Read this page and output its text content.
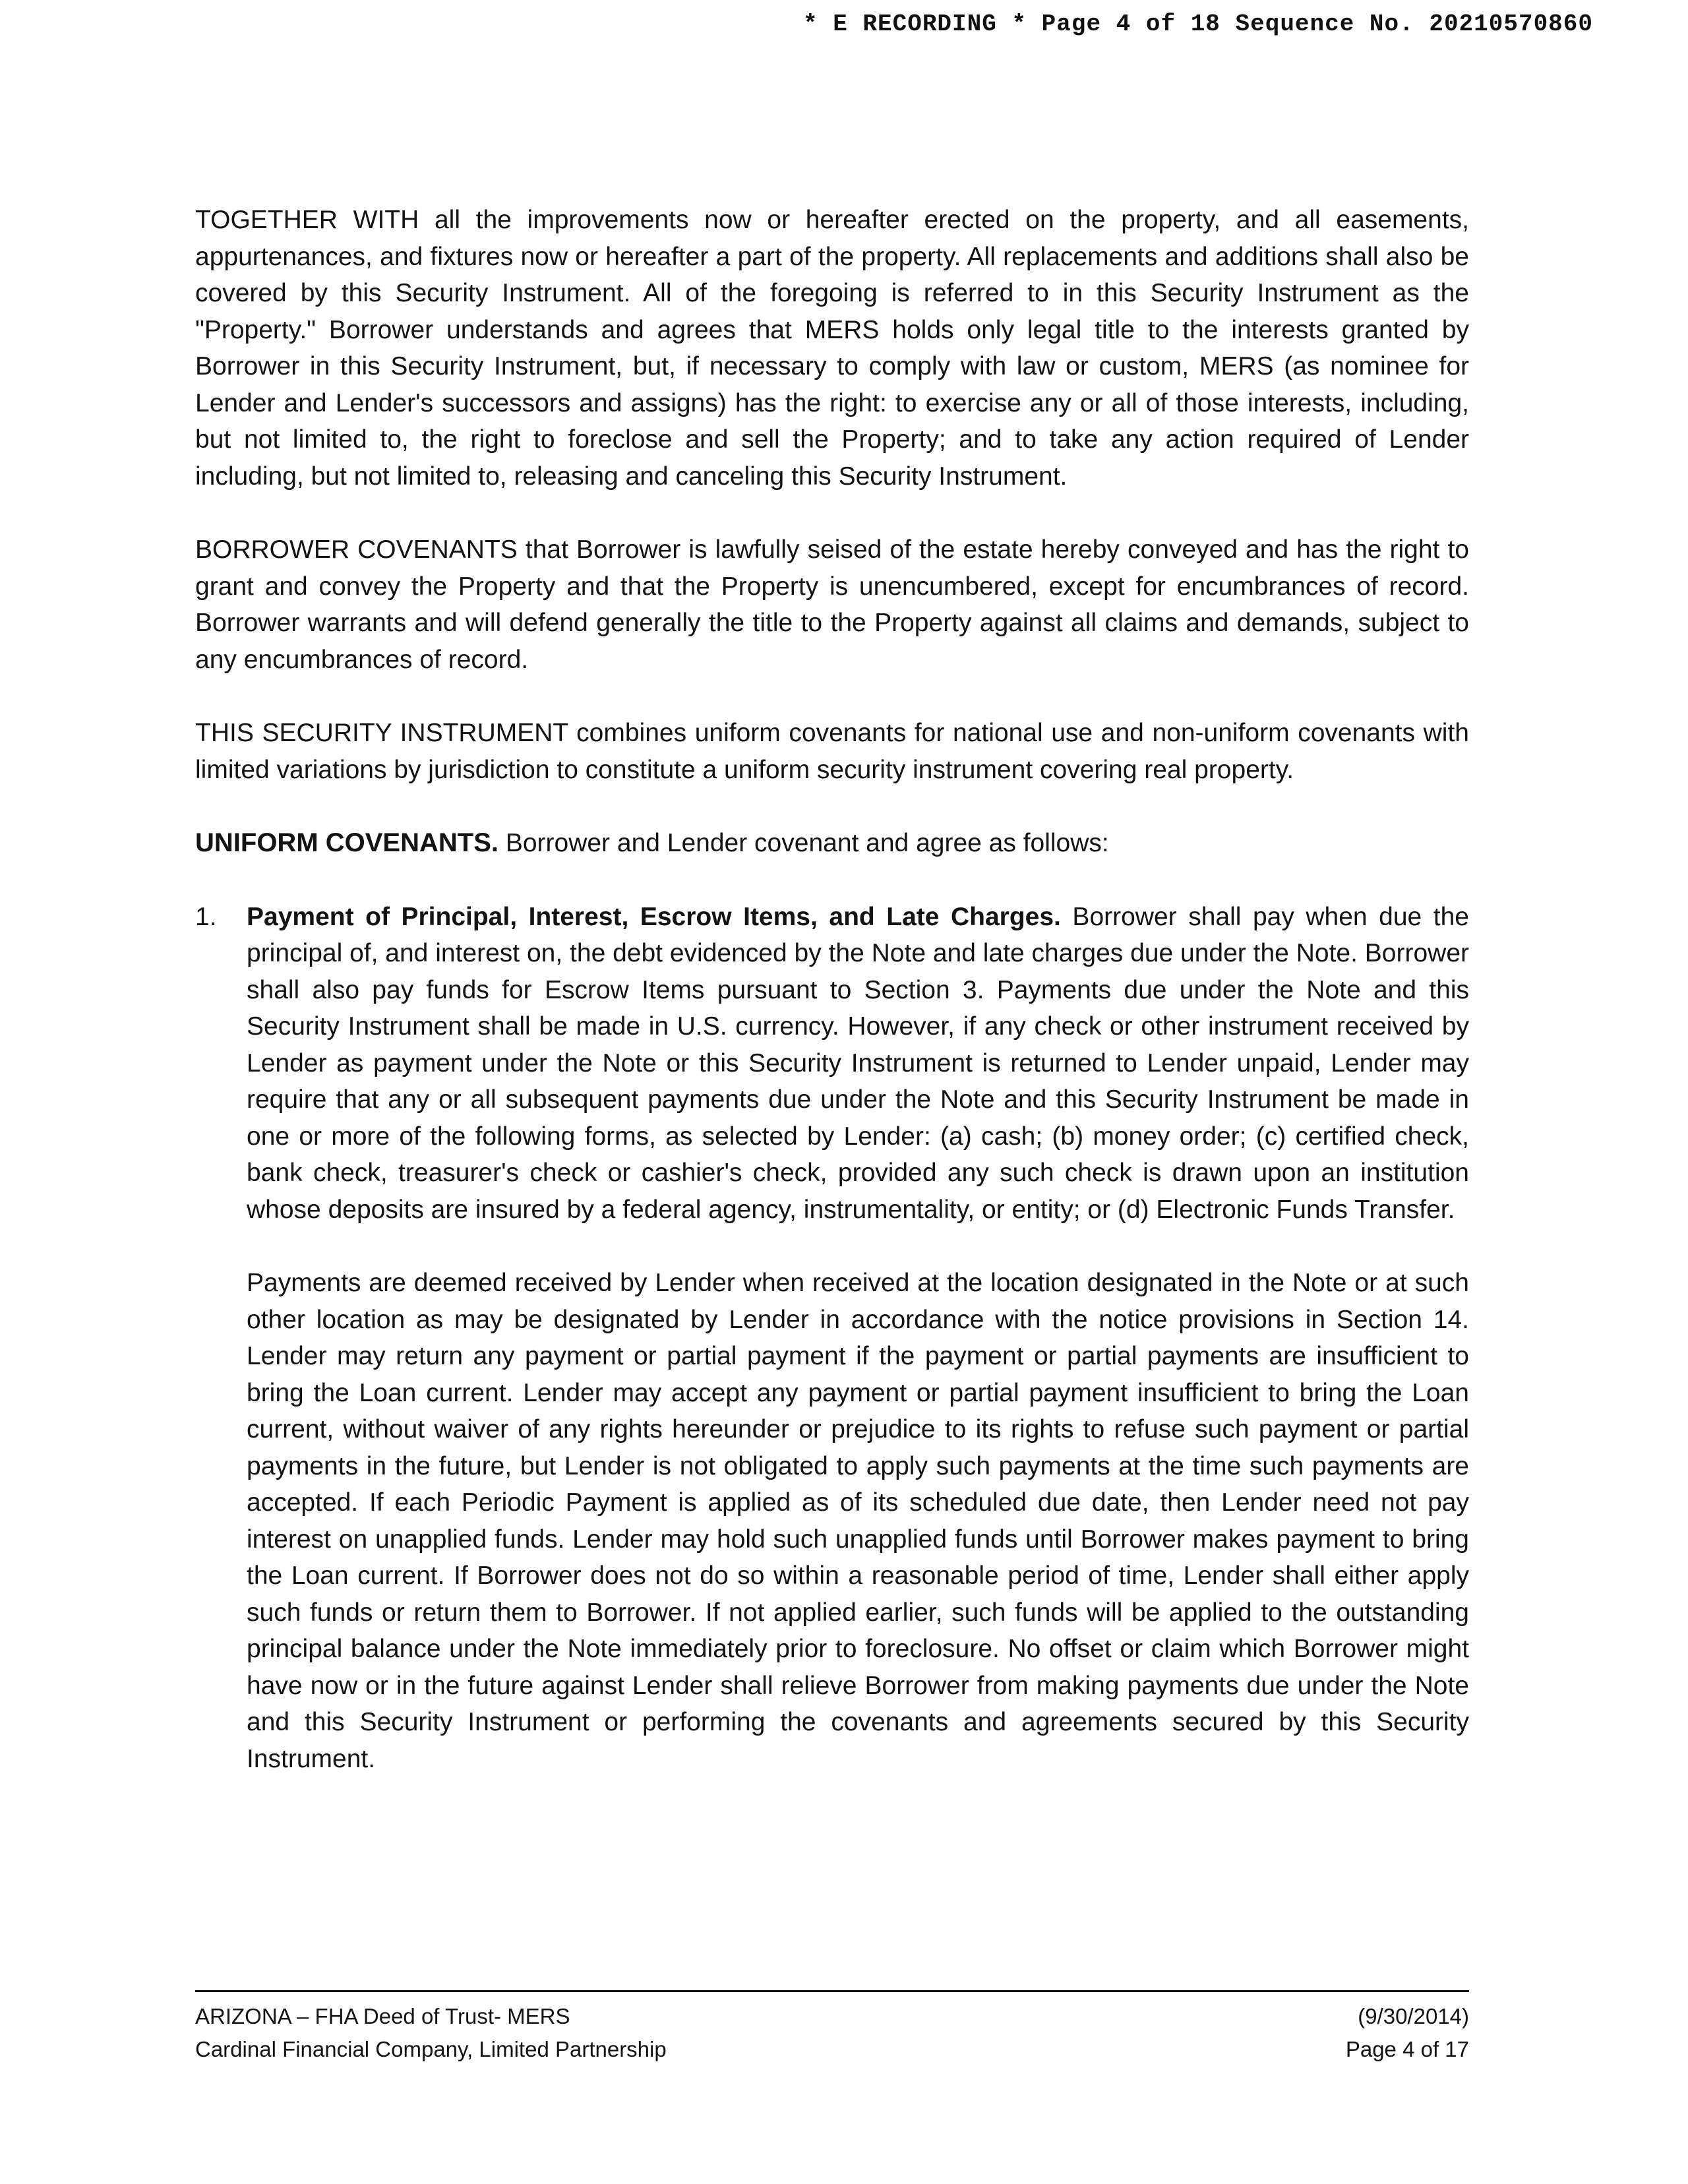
* E RECORDING * Page 4 of 18 Sequence No. 20210570860

TOGETHER WITH all the improvements now or hereafter erected on the property, and all easements, appurtenances, and fixtures now or hereafter a part of the property. All replacements and additions shall also be covered by this Security Instrument. All of the foregoing is referred to in this Security Instrument as the "Property." Borrower understands and agrees that MERS holds only legal title to the interests granted by Borrower in this Security Instrument, but, if necessary to comply with law or custom, MERS (as nominee for Lender and Lender's successors and assigns) has the right: to exercise any or all of those interests, including, but not limited to, the right to foreclose and sell the Property; and to take any action required of Lender including, but not limited to, releasing and canceling this Security Instrument.

BORROWER COVENANTS that Borrower is lawfully seised of the estate hereby conveyed and has the right to grant and convey the Property and that the Property is unencumbered, except for encumbrances of record. Borrower warrants and will defend generally the title to the Property against all claims and demands, subject to any encumbrances of record.

THIS SECURITY INSTRUMENT combines uniform covenants for national use and non-uniform covenants with limited variations by jurisdiction to constitute a uniform security instrument covering real property.

UNIFORM COVENANTS. Borrower and Lender covenant and agree as follows:

1. Payment of Principal, Interest, Escrow Items, and Late Charges. Borrower shall pay when due the principal of, and interest on, the debt evidenced by the Note and late charges due under the Note. Borrower shall also pay funds for Escrow Items pursuant to Section 3. Payments due under the Note and this Security Instrument shall be made in U.S. currency. However, if any check or other instrument received by Lender as payment under the Note or this Security Instrument is returned to Lender unpaid, Lender may require that any or all subsequent payments due under the Note and this Security Instrument be made in one or more of the following forms, as selected by Lender: (a) cash; (b) money order; (c) certified check, bank check, treasurer's check or cashier's check, provided any such check is drawn upon an institution whose deposits are insured by a federal agency, instrumentality, or entity; or (d) Electronic Funds Transfer.

Payments are deemed received by Lender when received at the location designated in the Note or at such other location as may be designated by Lender in accordance with the notice provisions in Section 14. Lender may return any payment or partial payment if the payment or partial payments are insufficient to bring the Loan current. Lender may accept any payment or partial payment insufficient to bring the Loan current, without waiver of any rights hereunder or prejudice to its rights to refuse such payment or partial payments in the future, but Lender is not obligated to apply such payments at the time such payments are accepted. If each Periodic Payment is applied as of its scheduled due date, then Lender need not pay interest on unapplied funds. Lender may hold such unapplied funds until Borrower makes payment to bring the Loan current. If Borrower does not do so within a reasonable period of time, Lender shall either apply such funds or return them to Borrower. If not applied earlier, such funds will be applied to the outstanding principal balance under the Note immediately prior to foreclosure. No offset or claim which Borrower might have now or in the future against Lender shall relieve Borrower from making payments due under the Note and this Security Instrument or performing the covenants and agreements secured by this Security Instrument.

ARIZONA – FHA Deed of Trust- MERS
Cardinal Financial Company, Limited Partnership
(9/30/2014)
Page 4 of 17
